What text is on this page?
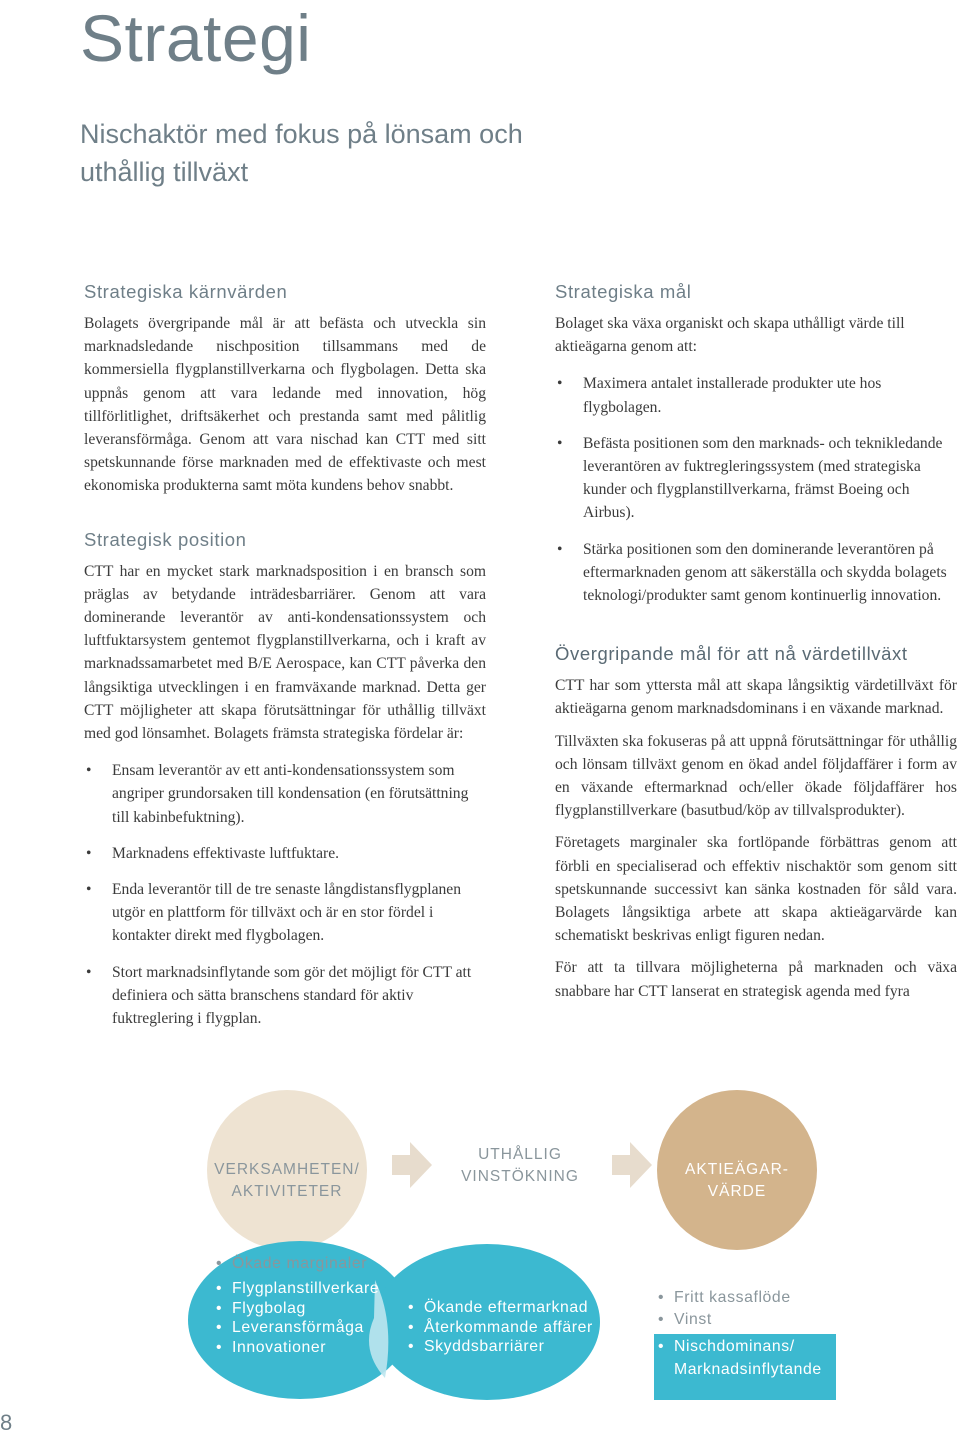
Strategi
Nischaktör med fokus på lönsam och uthållig tillväxt
Strategiska kärnvärden

Bolagets övergripande mål är att befästa och utveckla sin marknadsledande nischposition tillsammans med de kommersiella flygplanstillverkarna och flygbolagen. Detta ska uppnås genom att vara ledande med innovation, hög tillförlitlighet, driftsäkerhet och prestanda samt med pålitlig leveransförmåga. Genom att vara nischad kan CTT med sitt spetskunnande förse marknaden med de effektivaste och mest ekonomiska produkterna samt möta kundens behov snabbt.

Strategisk position

CTT har en mycket stark marknadsposition i en bransch som präglas av betydande inträdesbarriärer. Genom att vara dominerande leverantör av anti-kondensationssystem och luftfuktarsystem gentemot flygplanstillverkarna, och i kraft av marknadssamarbetet med B/E Aerospace, kan CTT påverka den långsiktiga utvecklingen i en framväxande marknad. Detta ger CTT möjligheter att skapa förutsättningar för uthållig tillväxt med god lönsamhet. Bolagets främsta strategiska fördelar är:

• Ensam leverantör av ett anti-kondensationssystem som angriper grundorsaken till kondensation (en förutsättning till kabinbefuktning).
• Marknadens effektivaste luftfuktare.
• Enda leverantör till de tre senaste långdistansflygplanen utgör en plattform för tillväxt och är en stor fördel i kontakter direkt med flygbolagen.
• Stort marknadsinflytande som gör det möjligt för CTT att definiera och sätta branschens standard för aktiv fuktreglering i flygplan.
Strategiska mål

Bolaget ska växa organiskt och skapa uthålligt värde till aktieägarna genom att:

• Maximera antalet installerade produkter ute hos flygbolagen.
• Befästa positionen som den marknads- och teknikledande leverantören av fuktregleringssystem (med strategiska kunder och flygplanstillverkarna, främst Boeing och Airbus).
• Stärka positionen som den dominerande leverantören på eftermarknaden genom att säkerställa och skydda bolagets teknologi/produkter samt genom kontinuerlig innovation.
Övergripande mål för att nå värdetillväxt

CTT har som yttersta mål att skapa långsiktig värdetillväxt för aktieägarna genom marknadsdominans i en växande marknad.

Tillväxten ska fokuseras på att uppnå förutsättningar för uthållig och lönsam tillväxt genom en ökad andel följdaffärer i form av en växande eftermarknad och/eller ökade följdaffärer hos flygplanstillverkare (basutbud/köp av tillvalsprodukter).

Företagets marginaler ska fortlöpande förbättras genom att förbli en specialiserad och effektiv nischaktör som genom sitt spetskunnande successivt kan sänka kostnaden för såld vara. Bolagets långsiktiga arbete att skapa aktieägarvärde kan schematiskt beskrivas enligt figuren nedan.

För att ta tillvara möjligheterna på marknaden och växa snabbare har CTT lanserat en strategisk agenda med fyra

VERKSAMHETEN/
AKTIVITETER
UTHÅLLIG
VINSTÖKNING	AKTIEÄGAR-
VÄRDE
• Ökade marginaler
• Flygplanstillverkare
• Flygbolag
• Leveransförmåga
• Innovationer
• Ökande eftermarknad
• Återkommande affärer
• Skyddsbarriärer
• Fritt kassaflöde
• Vinst
• Nischdominans/
Marknadsinflytande
8
